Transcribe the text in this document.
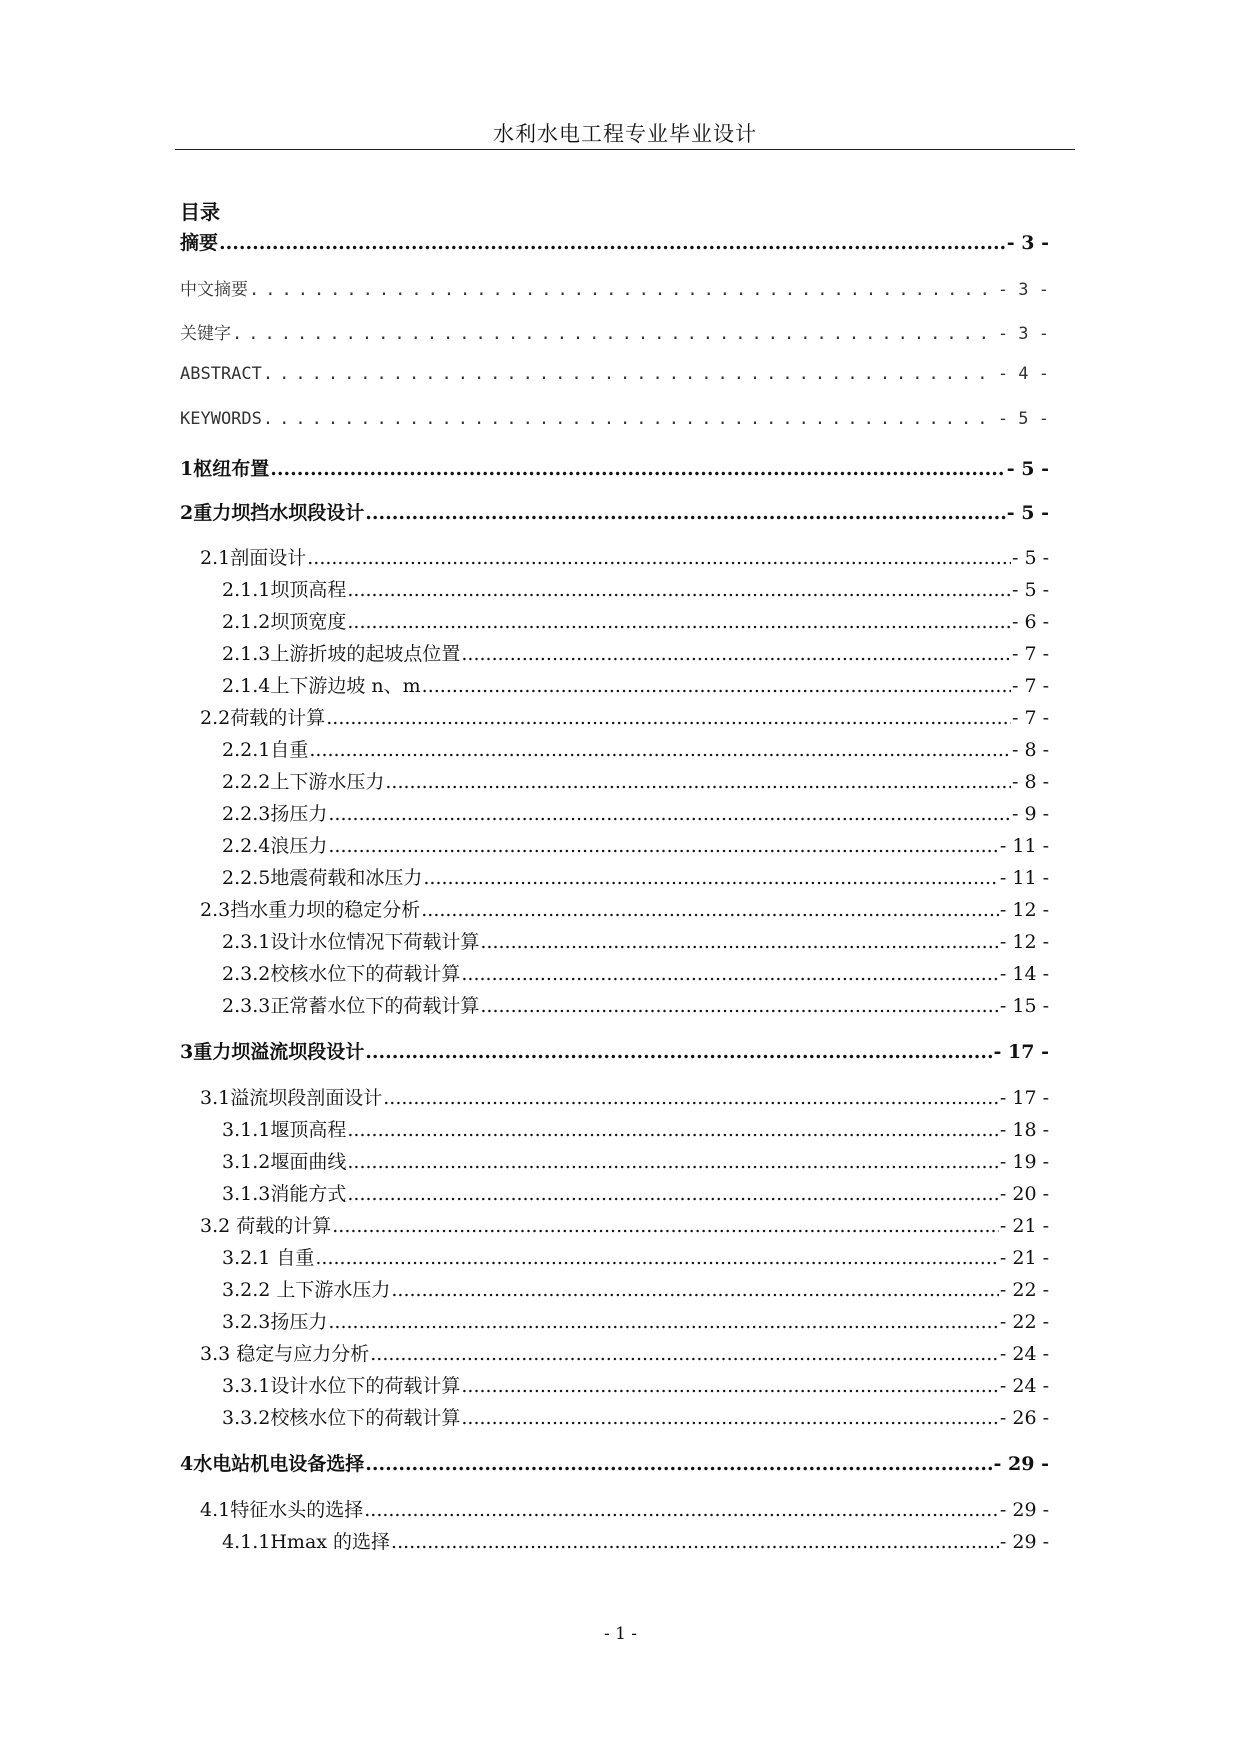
水利水电工程专业毕业设计
目录
摘要 .....	- 3 -
中文摘要 .....	- 3 -
关键字 .....	- 3 -
ABSTRACT .....	- 4 -
KEYWORDS .....	- 5 -
1 枢纽布置 .....	- 5 -
2 重力坝挡水坝段设计 .....	- 5 -
2.1 剖面设计 .....	- 5 -
2.1.1 坝顶高程 .....	- 5 -
2.1.2 坝顶宽度 .....	- 6 -
2.1.3 上游折坡的起坡点位置 .....	- 7 -
2.1.4 上下游边坡 n、m .....	- 7 -
2.2 荷载的计算 .....	- 7 -
2.2.1 自重 .....	- 8 -
2.2.2 上下游水压力 .....	- 8 -
2.2.3 扬压力 .....	- 9 -
2.2.4 浪压力 .....	- 11 -
2.2.5 地震荷载和冰压力 .....	- 11 -
2.3 挡水重力坝的稳定分析 .....	- 12 -
2.3.1 设计水位情况下荷载计算 .....	- 12 -
2.3.2 校核水位下的荷载计算 .....	- 14 -
2.3.3 正常蓄水位下的荷载计算 .....	- 15 -
3 重力坝溢流坝段设计 .....	- 17 -
3.1 溢流坝段剖面设计 .....	- 17 -
3.1.1 堰顶高程 .....	- 18 -
3.1.2 堰面曲线 .....	- 19 -
3.1.3 消能方式 .....	- 20 -
3.2 荷载的计算 .....	- 21 -
3.2.1 自重 .....	- 21 -
3.2.2 上下游水压力 .....	- 22 -
3.2.3 扬压力 .....	- 22 -
3.3 稳定与应力分析 .....	- 24 -
3.3.1 设计水位下的荷载计算 .....	- 24 -
3.3.2 校核水位下的荷载计算 .....	- 26 -
4 水电站机电设备选择 .....	- 29 -
4.1 特征水头的选择 .....	- 29 -
4.1.1 Hmax 的选择 .....	- 29 -
- 1 -
